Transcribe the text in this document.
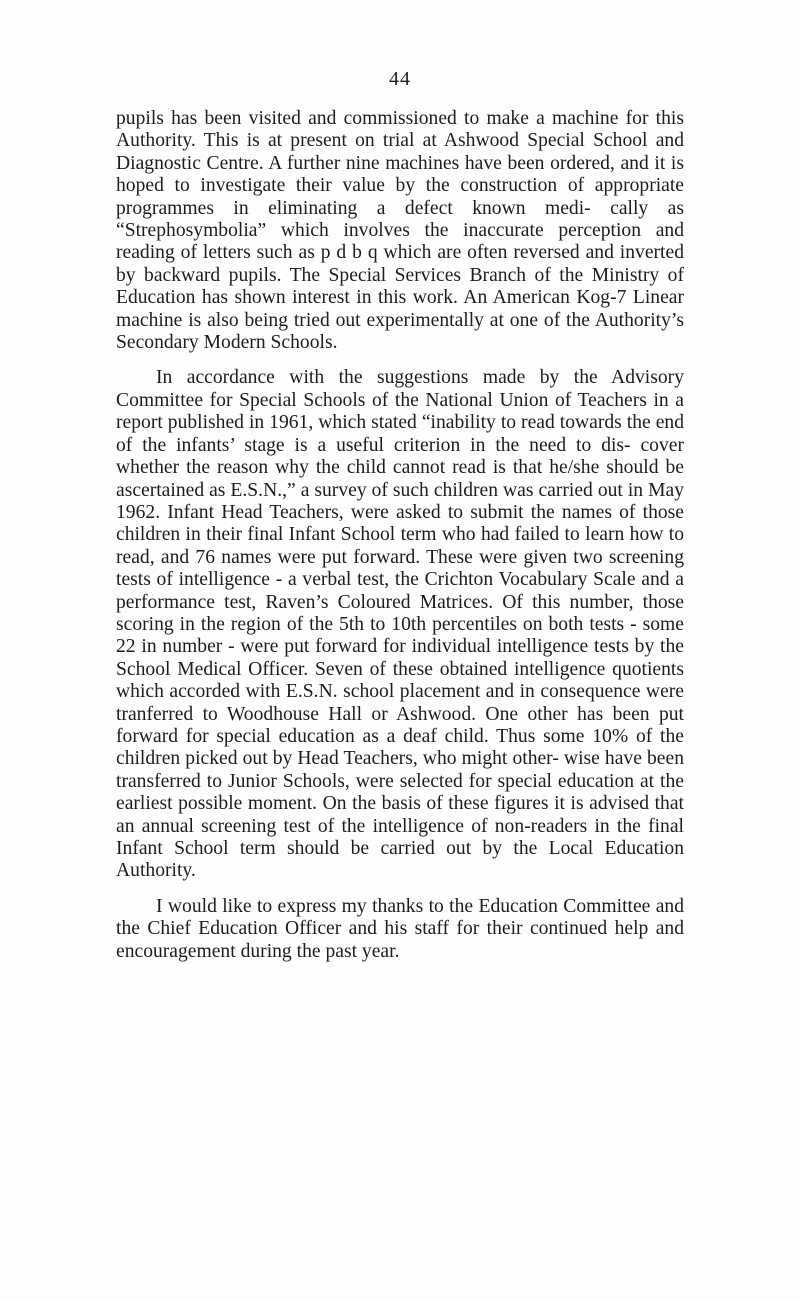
44

pupils has been visited and commissioned to make a machine for this Authority. This is at present on trial at Ashwood Special School and Diagnostic Centre. A further nine machines have been ordered, and it is hoped to investigate their value by the construction of appropriate programmes in eliminating a defect known medi- cally as “Strephosymbolia” which involves the inaccurate perception and reading of letters such as p d b q which are often reversed and inverted by backward pupils. The Special Services Branch of the Ministry of Education has shown interest in this work. An American Kog-7 Linear machine is also being tried out experimentally at one of the Authority’s Secondary Modern Schools.

In accordance with the suggestions made by the Advisory Committee for Special Schools of the National Union of Teachers in a report published in 1961, which stated “inability to read towards the end of the infants’ stage is a useful criterion in the need to dis- cover whether the reason why the child cannot read is that he/she should be ascertained as E.S.N.,” a survey of such children was carried out in May 1962. Infant Head Teachers, were asked to submit the names of those children in their final Infant School term who had failed to learn how to read, and 76 names were put forward. These were given two screening tests of intelligence - a verbal test, the Crichton Vocabulary Scale and a performance test, Raven’s Coloured Matrices. Of this number, those scoring in the region of the 5th to 10th percentiles on both tests - some 22 in number - were put forward for individual intelligence tests by the School Medical Officer. Seven of these obtained intelligence quotients which accorded with E.S.N. school placement and in consequence were tranferred to Woodhouse Hall or Ashwood. One other has been put forward for special education as a deaf child. Thus some 10% of the children picked out by Head Teachers, who might other- wise have been transferred to Junior Schools, were selected for special education at the earliest possible moment. On the basis of these figures it is advised that an annual screening test of the intelligence of non-readers in the final Infant School term should be carried out by the Local Education Authority.

I would like to express my thanks to the Education Committee and the Chief Education Officer and his staff for their continued help and encouragement during the past year.
